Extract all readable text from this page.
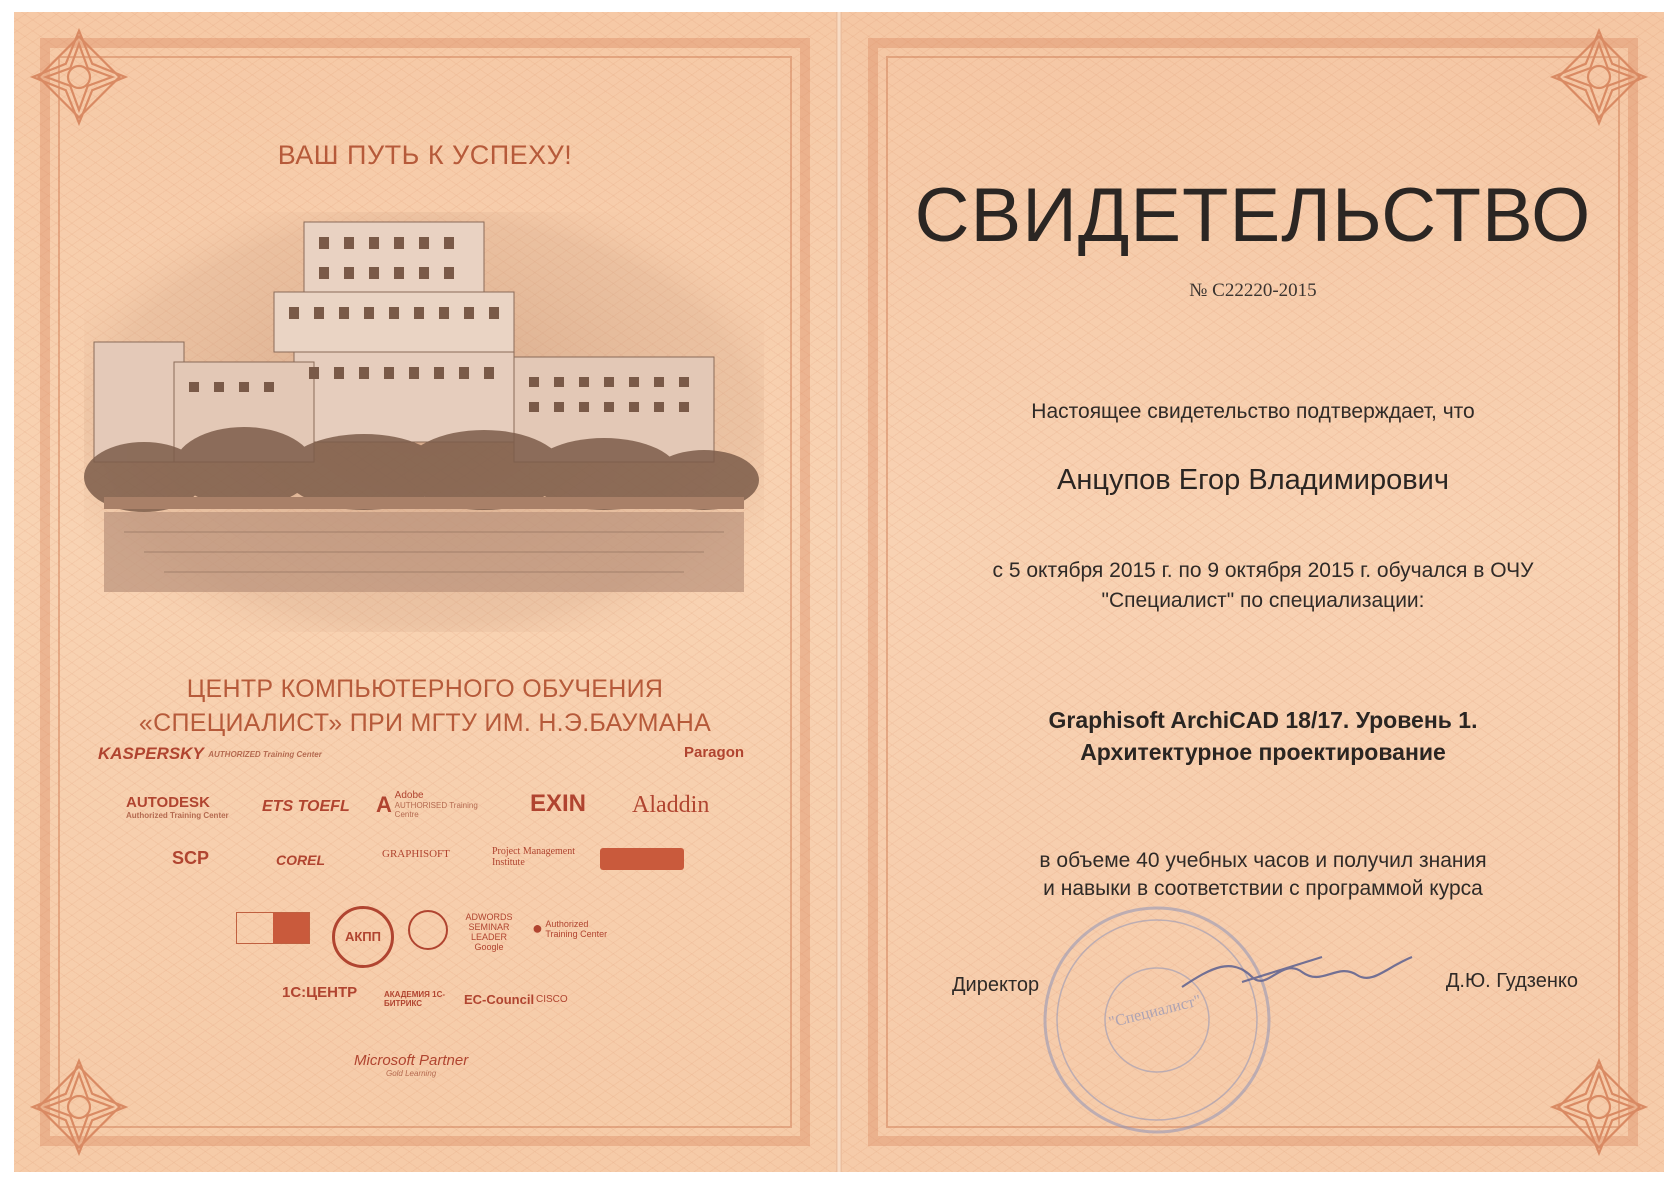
ВАШ ПУТЬ К УСПЕХУ!
ЦЕНТР КОМПЬЮТЕРНОГО ОБУЧЕНИЯ
«СПЕЦИАЛИСТ» ПРИ МГТУ ИМ. Н.Э.БАУМАНА
KASPERSKY AUTHORIZED Training Center	Paragon
AUTODESK
Authorized Training Center
ETS TOEFL A Adobe
AUTHORISED Training Centre	EXIN Aladdin
SCP	COREL	GRAPHISOFT	Project Management Institute
АКПП
ADWORDS SEMINAR LEADER Google
● Authorized Training Center
1С:ЦЕНТР	АКАДЕМИЯ 1С-БИТРИКС	EC-Council CISCO
Microsoft Partner
Gold Learning
СВИДЕТЕЛЬСТВО
№ C22220-2015
Настоящее свидетельство подтверждает, что
Анцупов Егор Владимирович
с 5 октября 2015 г. по 9 октября 2015 г. обучался в ОЧУ
"Специалист" по специализации:
Graphisoft ArchiCAD 18/17. Уровень 1.
Архитектурное проектирование
в объеме 40 учебных часов и получил знания
и навыки в соответствии с программой курса
"Специалист"
Директор	Д.Ю. Гудзенко
